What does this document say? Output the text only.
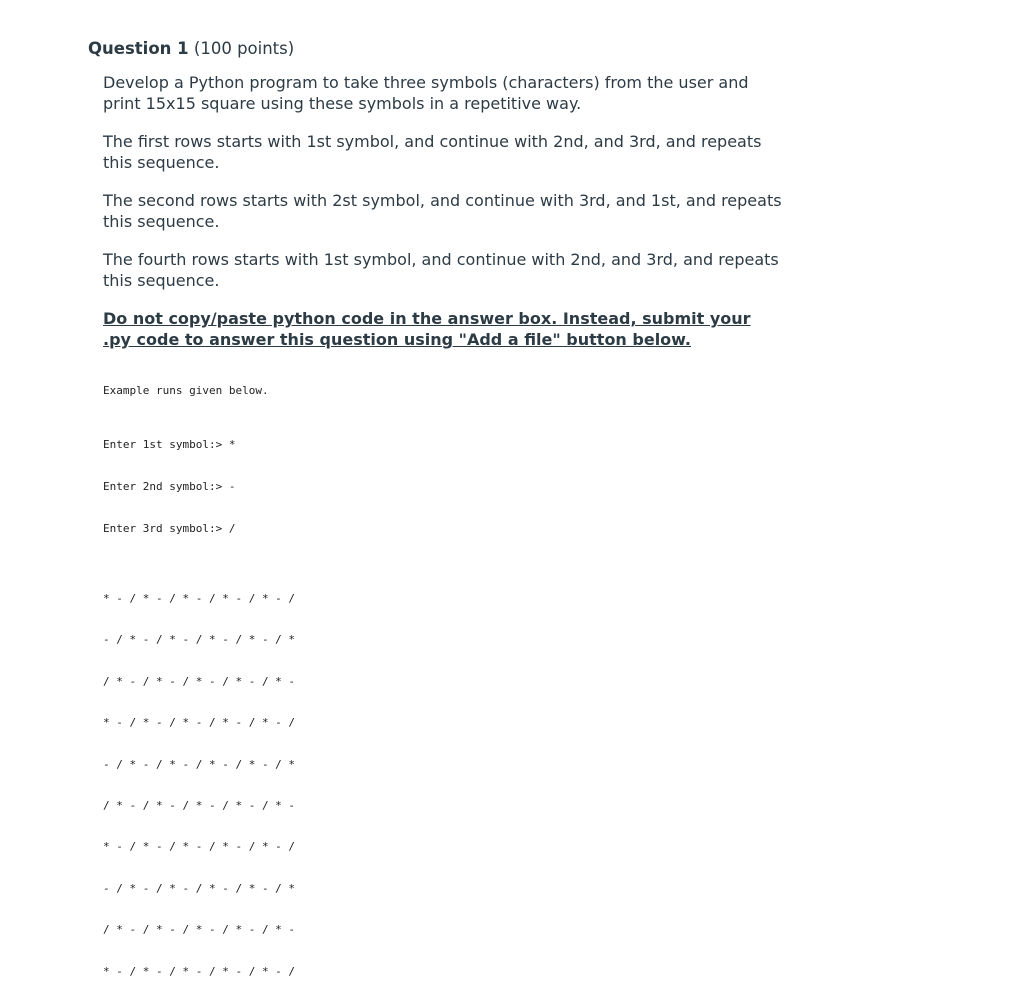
Question 1 (100 points)

Develop a Python program to take three symbols (characters) from the user and print 15x15 square using these symbols in a repetitive way.

The first rows starts with 1st symbol, and continue with 2nd, and 3rd, and repeats this sequence.

The second rows starts with 2st symbol, and continue with 3rd, and 1st, and repeats this sequence.

The fourth rows starts with 1st symbol, and continue with 2nd, and 3rd, and repeats this sequence.

Do not copy/paste python code in the answer box. Instead, submit your .py code to answer this question using "Add a file" button below.

Example runs given below.

Enter 1st symbol:> *

Enter 2nd symbol:> -

Enter 3rd symbol:> /

* - / * - / * - / * - / * - /

- / * - / * - / * - / * - / *

/ * - / * - / * - / * - / * -

* - / * - / * - / * - / * - /

- / * - / * - / * - / * - / *

/ * - / * - / * - / * - / * -

* - / * - / * - / * - / * - /

- / * - / * - / * - / * - / *

/ * - / * - / * - / * - / * -

* - / * - / * - / * - / * - /
